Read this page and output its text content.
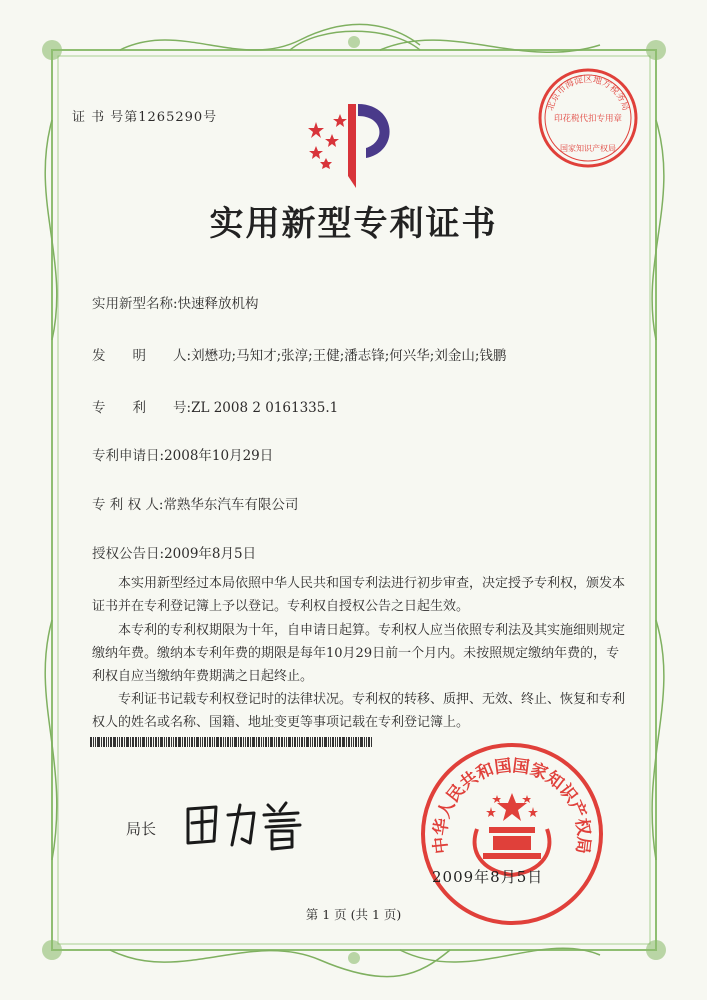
证 书 号第1265290号
实用新型专利证书
实用新型名称:快速释放机构
发　　明　　人:刘懋功;马知才;张淳;王健;潘志锋;何兴华;刘金山;钱鹏
专　　利　　号:ZL 2008 2 0161335.1
专利申请日:2008年10月29日
专 利 权 人:常熟华东汽车有限公司
授权公告日:2009年8月5日
本实用新型经过本局依照中华人民共和国专利法进行初步审查，决定授予专利权，颁发本证书并在专利登记簿上予以登记。专利权自授权公告之日起生效。
本专利的专利权期限为十年，自申请日起算。专利权人应当依照专利法及其实施细则规定缴纳年费。缴纳本专利年费的期限是每年10月29日前一个月内。未按照规定缴纳年费的，专利权自应当缴纳年费期满之日起终止。
专利证书记载专利权登记时的法律状况。专利权的转移、质押、无效、终止、恢复和专利权人的姓名或名称、国籍、地址变更等事项记载在专利登记簿上。
局长
北京市海淀区地方税务局
印花税代扣专用章
国家知识产权局
中华人民共和国国家知识产权局
2009年8月5日
第 1 页 (共 1 页)
